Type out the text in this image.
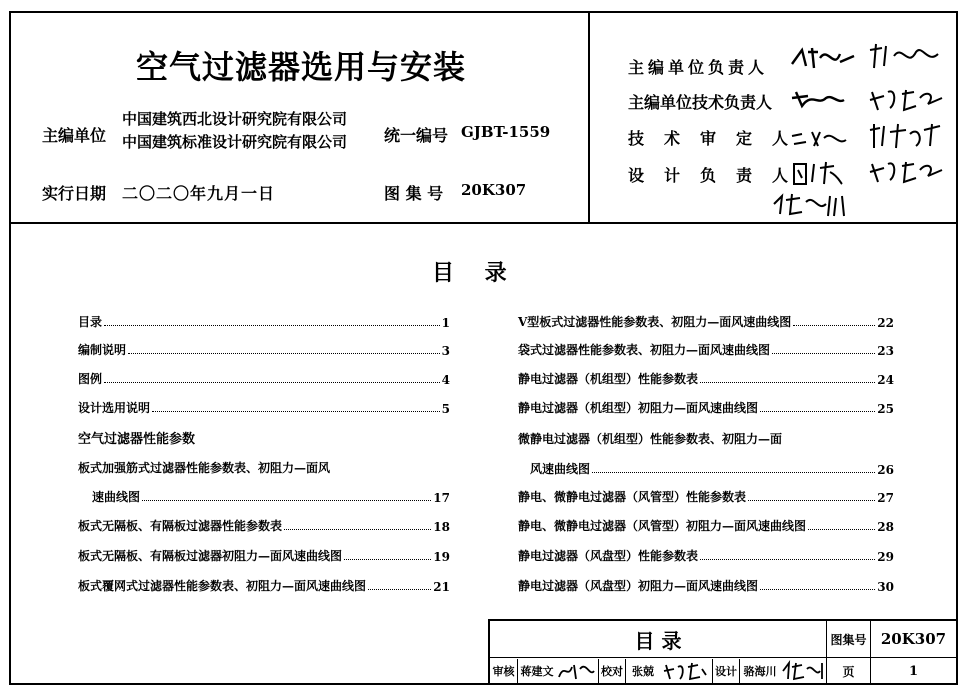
空气过滤器选用与安装
主编单位
中国建筑西北设计研究院有限公司
中国建筑标准设计研究院有限公司 统一编号 GJBT-1559
实行日期 二〇二〇年九月一日	图 集 号 20K307
主编单位负责人
主编单位技术负责人
技术审定人
设计负责人
目    录
目录	1
编制说明	3
图例	4
设计选用说明	5
空气过滤器性能参数
板式加强筋式过滤器性能参数表、初阻力—面风
速曲线图	17
板式无隔板、有隔板过滤器性能参数表	18
板式无隔板、有隔板过滤器初阻力—面风速曲线图	19
板式覆网式过滤器性能参数表、初阻力—面风速曲线图	21
V型板式过滤器性能参数表、初阻力—面风速曲线图	22
袋式过滤器性能参数表、初阻力—面风速曲线图	23
静电过滤器（机组型）性能参数表	24
静电过滤器（机组型）初阻力—面风速曲线图	25
微静电过滤器（机组型）性能参数表、初阻力—面
风速曲线图	26
静电、微静电过滤器（风管型）性能参数表	27
静电、微静电过滤器（风管型）初阻力—面风速曲线图	28
静电过滤器（风盘型）性能参数表	29
静电过滤器（风盘型）初阻力—面风速曲线图	30
目 录	图集号 20K307
审核 蒋建文	校对 张兢	设计 骆海川	页	1
